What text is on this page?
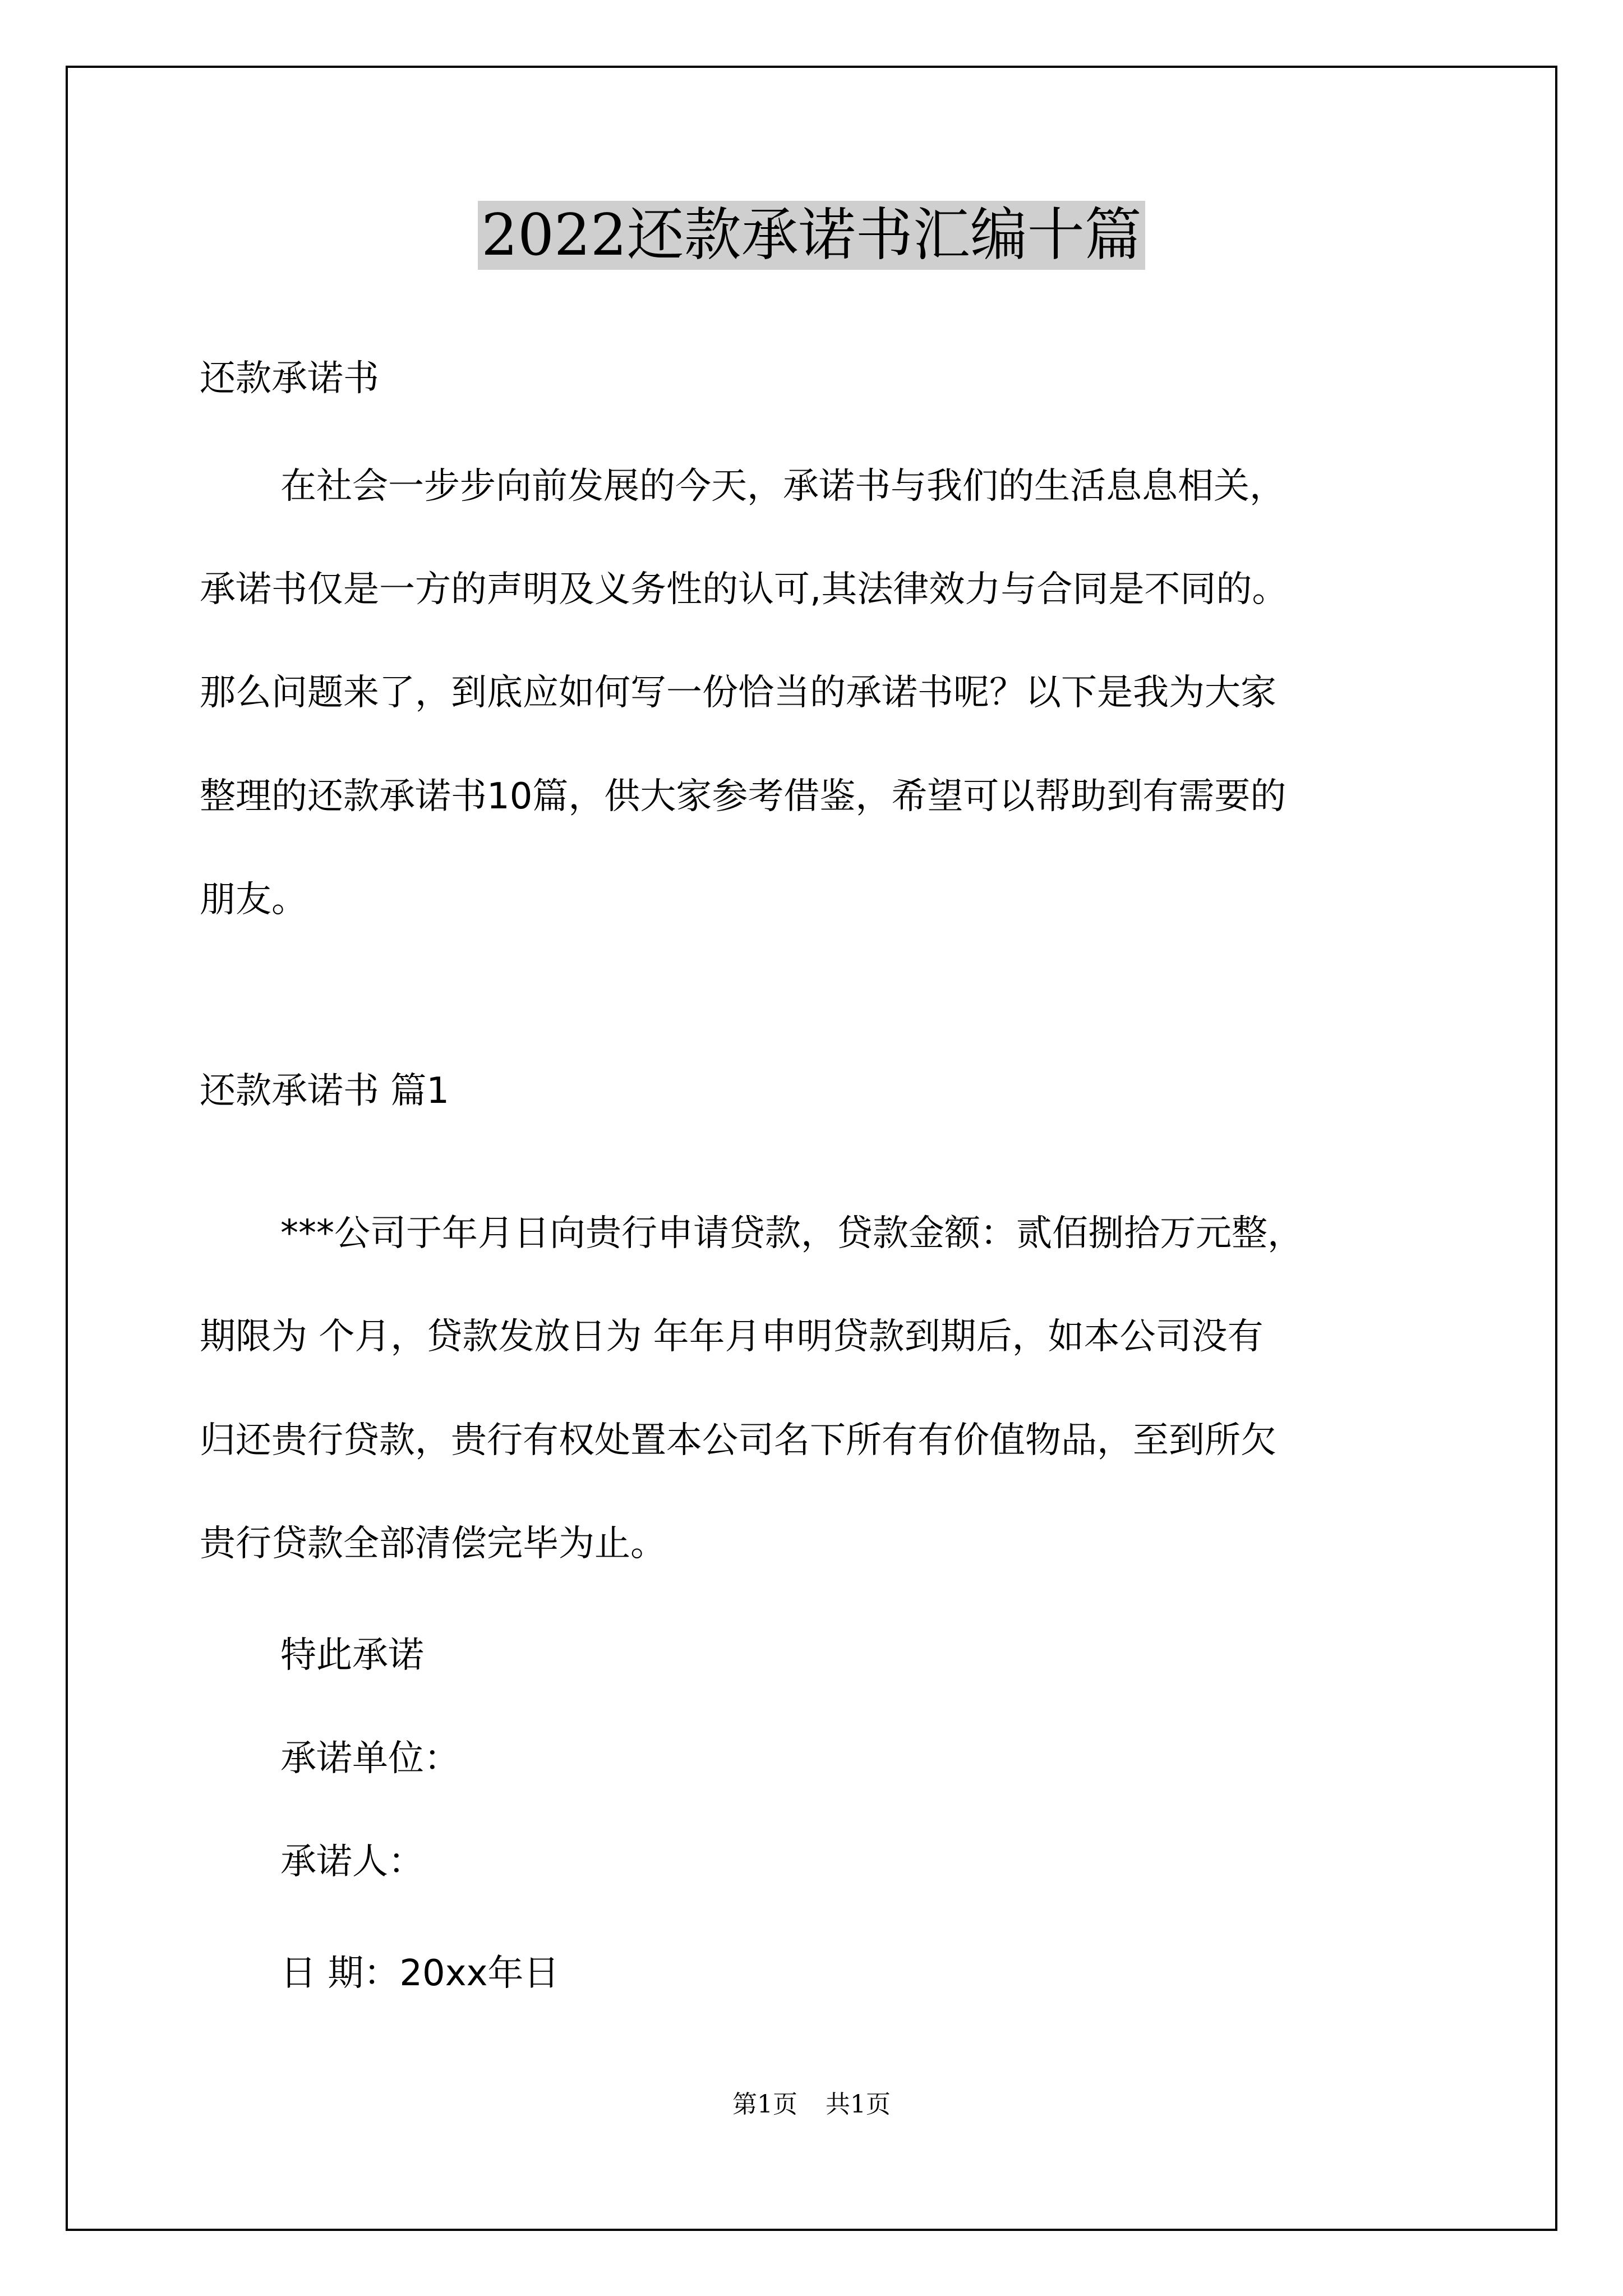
2022还款承诺书汇编十篇
还款承诺书
在社会一步步向前发展的今天，承诺书与我们的生活息息相关，
承诺书仅是一方的声明及义务性的认可,其法律效力与合同是不同的。
那么问题来了，到底应如何写一份恰当的承诺书呢？以下是我为大家
整理的还款承诺书10篇，供大家参考借鉴，希望可以帮助到有需要的
朋友。
还款承诺书 篇1
***公司于年月日向贵行申请贷款，贷款金额：贰佰捌拾万元整，
期限为 个月，贷款发放日为 年年月申明贷款到期后，如本公司没有
归还贵行贷款，贵行有权处置本公司名下所有有价值物品，至到所欠
贵行贷款全部清偿完毕为止。
特此承诺
承诺单位：
承诺人：
日 期：20xx年日
第1页 共1页
